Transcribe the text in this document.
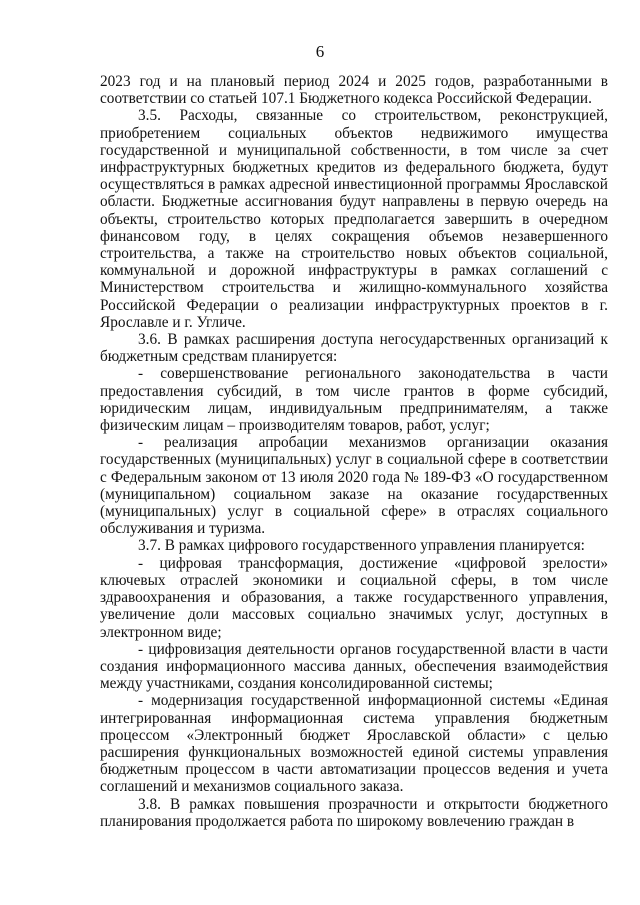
6

2023 год и на плановый период 2024 и 2025 годов, разработанными в соответствии со статьей 107.1 Бюджетного кодекса Российской Федерации.

3.5. Расходы, связанные со строительством, реконструкцией, приобретением социальных объектов недвижимого имущества государственной и муниципальной собственности, в том числе за счет инфраструктурных бюджетных кредитов из федерального бюджета, будут осуществляться в рамках адресной инвестиционной программы Ярославской области. Бюджетные ассигнования будут направлены в первую очередь на объекты, строительство которых предполагается завершить в очередном финансовом году, в целях сокращения объемов незавершенного строительства, а также на строительство новых объектов социальной, коммунальной и дорожной инфраструктуры в рамках соглашений с Министерством строительства и жилищно-коммунального хозяйства Российской Федерации о реализации инфраструктурных проектов в г. Ярославле и г. Угличе.

3.6. В рамках расширения доступа негосударственных организаций к бюджетным средствам планируется:

- совершенствование регионального законодательства в части предоставления субсидий, в том числе грантов в форме субсидий, юридическим лицам, индивидуальным предпринимателям, а также физическим лицам – производителям товаров, работ, услуг;

- реализация апробации механизмов организации оказания государственных (муниципальных) услуг в социальной сфере в соответствии с Федеральным законом от 13 июля 2020 года № 189-ФЗ «О государственном (муниципальном) социальном заказе на оказание государственных (муниципальных) услуг в социальной сфере» в отраслях социального обслуживания и туризма.

3.7. В рамках цифрового государственного управления планируется:

- цифровая трансформация, достижение «цифровой зрелости» ключевых отраслей экономики и социальной сферы, в том числе здравоохранения и образования, а также государственного управления, увеличение доли массовых социально значимых услуг, доступных в электронном виде;

- цифровизация деятельности органов государственной власти в части создания информационного массива данных, обеспечения взаимодействия между участниками, создания консолидированной системы;

- модернизация государственной информационной системы «Единая интегрированная информационная система управления бюджетным процессом «Электронный бюджет Ярославской области» с целью расширения функциональных возможностей единой системы управления бюджетным процессом в части автоматизации процессов ведения и учета соглашений и механизмов социального заказа.

3.8. В рамках повышения прозрачности и открытости бюджетного планирования продолжается работа по широкому вовлечению граждан в
